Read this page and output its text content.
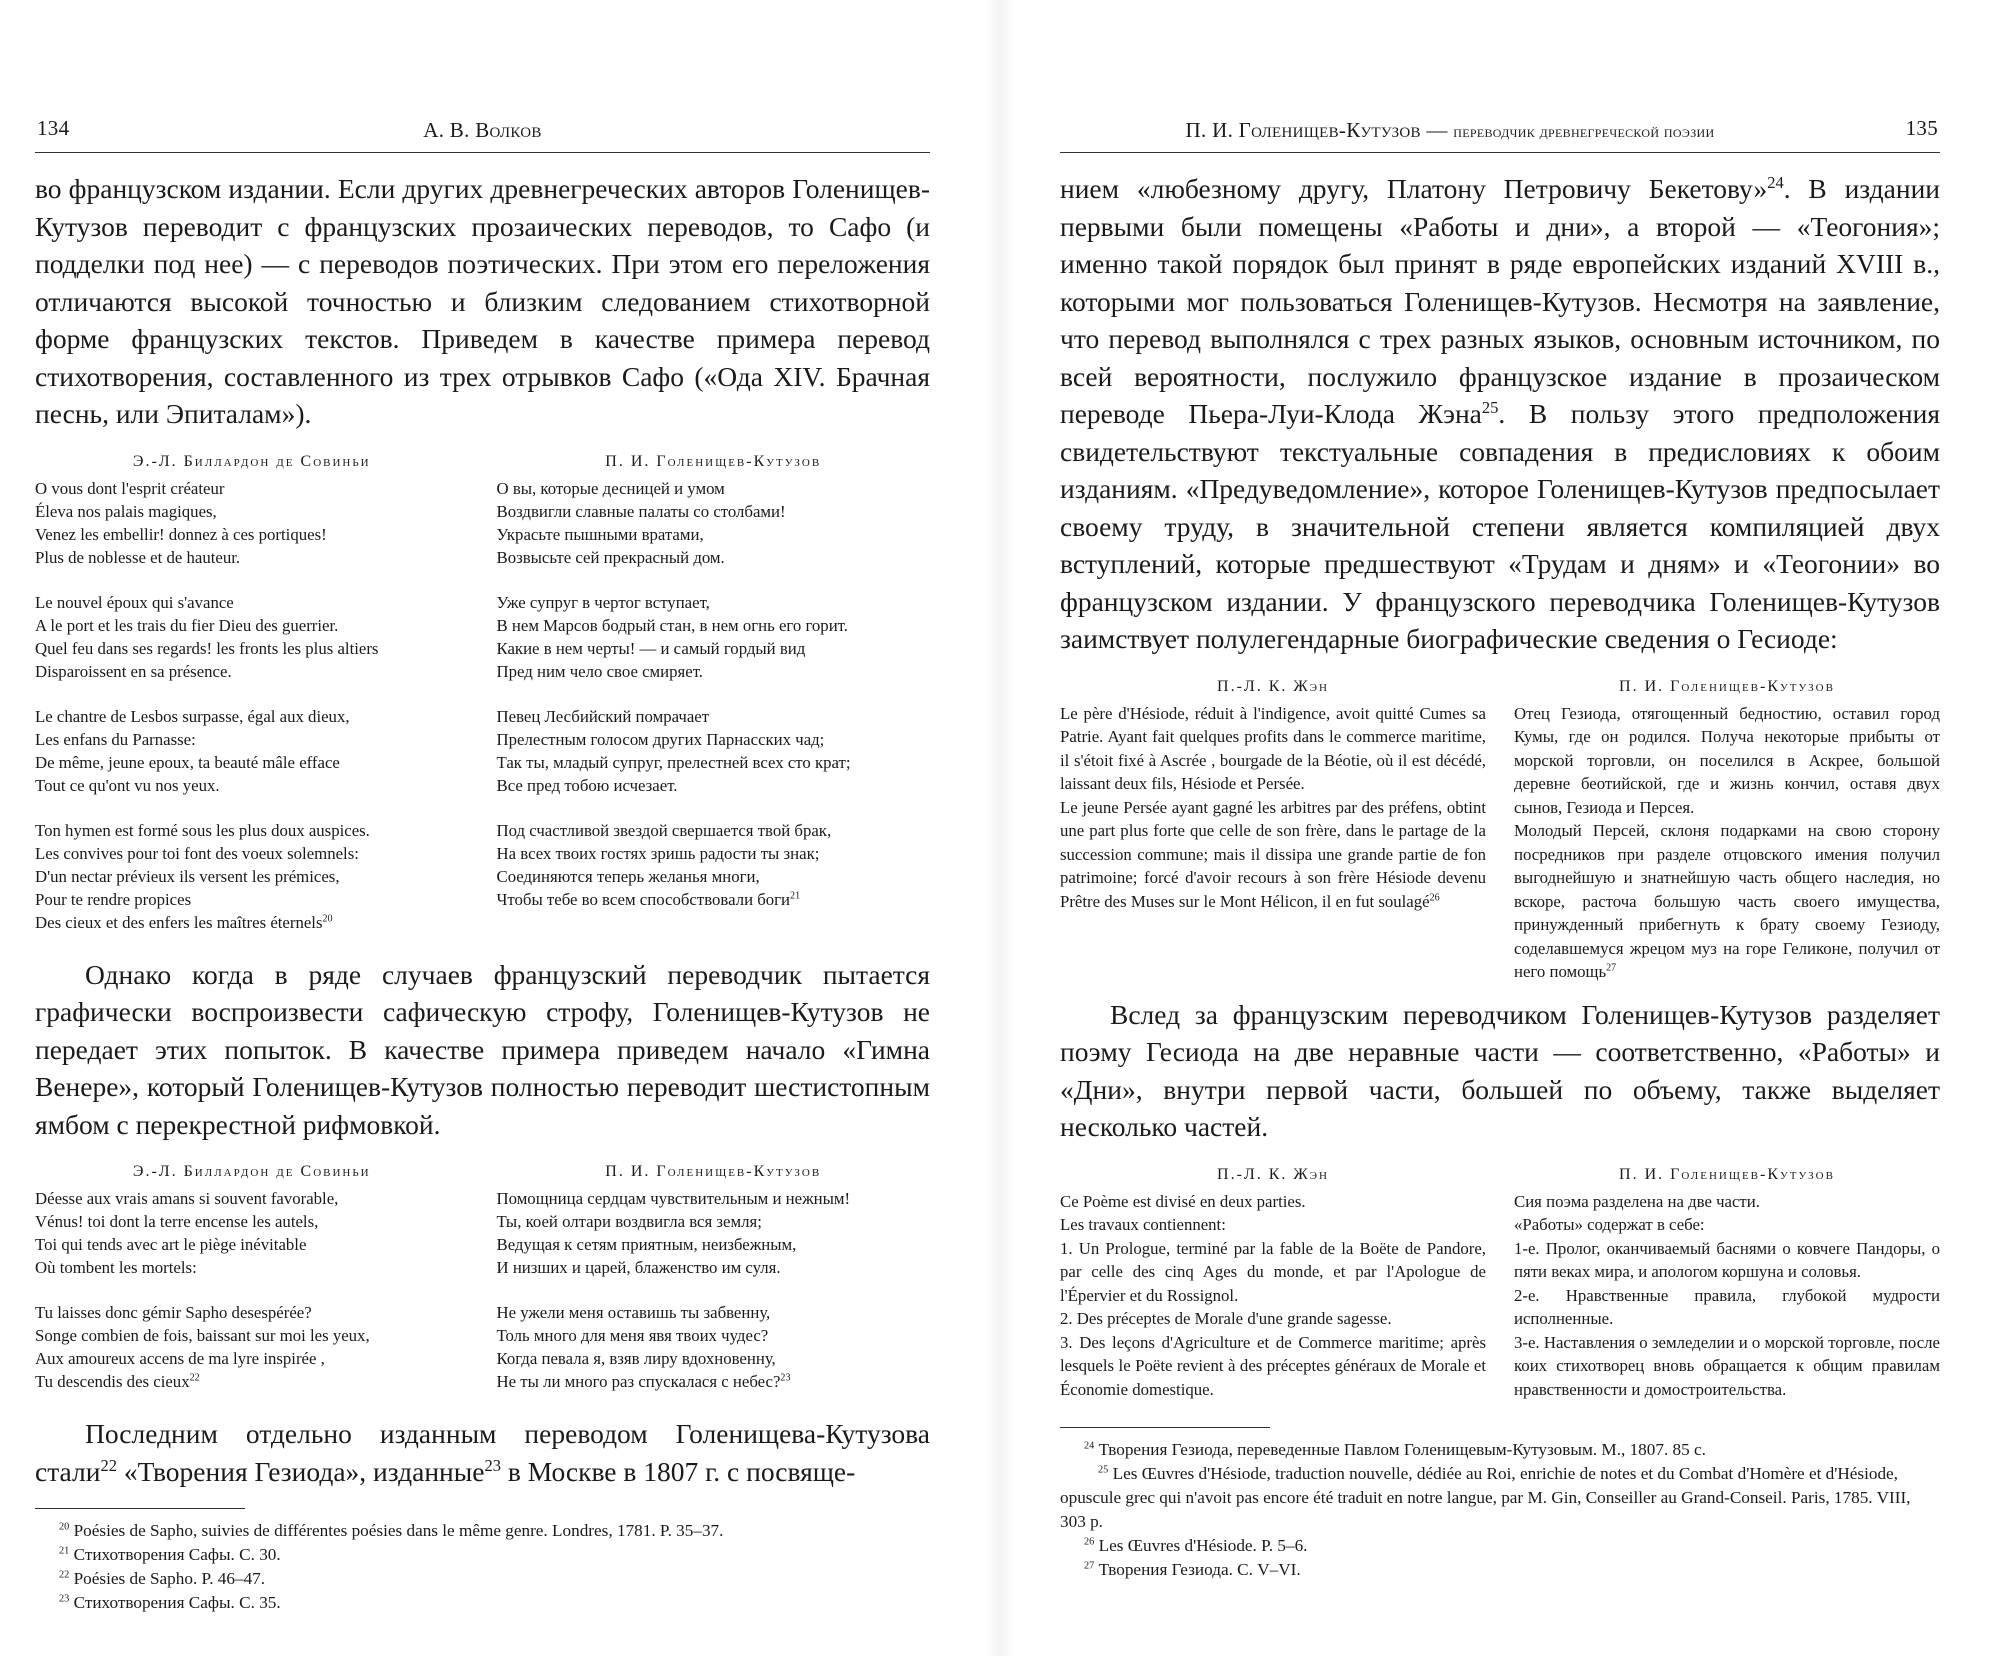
134	А. В. Волков

во французском издании. Если других древнегреческих авторов Голенищев-Кутузов переводит с французских прозаических переводов, то Сафо (и подделки под нее) — с переводов поэтических. При этом его переложения отличаются высокой точностью и близким следованием стихотворной форме французских текстов. Приведем в качестве примера перевод стихотворения, составленного из трех отрывков Сафо («Ода XIV. Брачная песнь, или Эпиталам»).

Э.-Л. Биллардон де Совиньи
O vous dont l'esprit créateur
Éleva nos palais magiques,
Venez les embellir! donnez à ces portiques!
Plus de noblesse et de hauteur.
Le nouvel époux qui s'avance
A le port et les trais du fier Dieu des guerrier.
Quel feu dans ses regards! les fronts les plus altiers
Disparoissent en sa présence.
Le chantre de Lesbos surpasse, égal aux dieux,
Les enfans du Parnasse:
De même, jeune epoux, ta beauté mâle efface
Tout ce qu'ont vu nos yeux.
Ton hymen est formé sous les plus doux auspices.
Les convives pour toi font des voeux solemnels:
D'un nectar prévieux ils versent les prémices,
Pour te rendre propices
Des cieux et des enfers les maîtres éternels$^{20}$
П. И. Голенищев-Кутузов
О вы, которые десницей и умом
Воздвигли славные палаты со столбами!
Украсьте пышными вратами,
Возвысьте сей прекрасный дом.
Уже супруг в чертог вступает,
В нем Марсов бодрый стан, в нем огнь его горит.
Какие в нем черты! — и самый гордый вид
Пред ним чело свое смиряет.
Певец Лесбийский помрачает
Прелестным голосом других Парнасских чад;
Так ты, младый супруг, прелестней всех сто крат;
Все пред тобою исчезает.
Под счастливой звездой свершается твой брак,
На всех твоих гостях зришь радости ты знак;
Соединяются теперь желанья многи,
Чтобы тебе во всем способствовали боги$^{21}$

Однако когда в ряде случаев французский переводчик пытается графически воспроизвести сафическую строфу, Голенищев-Кутузов не передает этих попыток. В качестве примера приведем начало «Гимна Венере», который Голенищев-Кутузов полностью переводит шестистопным ямбом с перекрестной рифмовкой.

Э.-Л. Биллардон де Совиньи
Déesse aux vrais amans si souvent favorable,
Vénus! toi dont la terre encense les autels,
Toi qui tends avec art le piège inévitable
Où tombent les mortels:
Tu laisses donc gémir Sapho desespérée?
Songe combien de fois, baissant sur moi les yeux,
Aux amoureux accens de ma lyre inspirée ,
Tu descendis des cieux$^{22}$
П. И. Голенищев-Кутузов
Помощница сердцам чувствительным и нежным!
Ты, коей олтари воздвигла вся земля;
Ведущая к сетям приятным, неизбежным,
И низших и царей, блаженство им суля.
Не ужели меня оставишь ты забвенну,
Толь много для меня явя твоих чудес?
Когда певала я, взяв лиру вдохновенну,
Не ты ли много раз спускалася с небес?$^{23}$

Последним отдельно изданным переводом Голенищева-Кутузова стали$^{22}$ «Творения Гезиода», изданные$^{23}$ в Москве в 1807 г. с посвяще-

$^{20}$ Poésies de Sapho, suivies de différentes poésies dans le même genre. Londres, 1781. P. 35–37.
$^{21}$ Стихотворения Сафы. С. 30.
$^{22}$ Poésies de Sapho. P. 46–47.
$^{23}$ Стихотворения Сафы. С. 35.
П. И. Голенищев-Кутузов — переводчик древнегреческой поэзии	135

нием «любезному другу, Платону Петровичу Бекетову»$^{24}$. В издании первыми были помещены «Работы и дни», а второй — «Теогония»; именно такой порядок был принят в ряде европейских изданий XVIII в., которыми мог пользоваться Голенищев-Кутузов. Несмотря на заявление, что перевод выполнялся с трех разных языков, основным источником, по всей вероятности, послужило французское издание в прозаическом переводе Пьера-Луи-Клода Жэна$^{25}$. В пользу этого предположения свидетельствуют текстуальные совпадения в предисловиях к обоим изданиям. «Предуведомление», которое Голенищев-Кутузов предпосылает своему труду, в значительной степени является компиляцией двух вступлений, которые предшествуют «Трудам и дням» и «Теогонии» во французском издании. У французского переводчика Голенищев-Кутузов заимствует полулегендарные биографические сведения о Гесиоде:

П.-Л. К. Жэн
Le père d'Hésiode, réduit à l'indigence, avoit quitté Cumes sa Patrie. Ayant fait quelques profits dans le commerce maritime, il s'étoit fixé à Ascrée , bourgade de la Béotie, où il est décédé, laissant deux fils, Hésiode et Persée.
Le jeune Persée ayant gagné les arbitres par des préfens, obtint une part plus forte que celle de son frère, dans le partage de la succession commune; mais il dissipa une grande partie de fon patrimoine; forcé d'avoir recours à son frère Hésiode devenu Prêtre des Muses sur le Mont Hélicon, il en fut soulagé$^{26}$
П. И. Голенищев-Кутузов
Отец Гезиода, отягощенный бедностию, оставил город Кумы, где он родился. Получа некоторые прибыты от морской торговли, он поселился в Аскрее, большой деревне беотийской, где и жизнь кончил, оставя двух сынов, Гезиода и Персея.
Молодый Персей, склоня подарками на свою сторону посредников при разделе отцовского имения получил выгоднейшую и знатнейшую часть общего наследия, но вскоре, расточа большую часть своего имущества, принужденный прибегнуть к брату своему Гезиоду, соделавшемуся жрецом муз на горе Геликоне, получил от него помощь$^{27}$

Вслед за французским переводчиком Голенищев-Кутузов разделяет поэму Гесиода на две неравные части — соответственно, «Работы» и «Дни», внутри первой части, большей по объему, также выделяет несколько частей.

П.-Л. К. Жэн
Ce Poème est divisé en deux parties.
Les travaux contiennent:
1. Un Prologue, terminé par la fable de la Boëte de Pandore, par celle des cinq Ages du monde, et par l'Apologue de l'Épervier et du Rossignol.
2. Des préceptes de Morale d'une grande sagesse.
3. Des leçons d'Agriculture et de Commerce maritime; après lesquels le Poëte revient à des préceptes généraux de Morale et Économie domestique.
П. И. Голенищев-Кутузов
Сия поэма разделена на две части.
«Работы» содержат в себе:
1-е. Пролог, оканчиваемый баснями о ковчеге Пандоры, о пяти веках мира, и апологом коршуна и соловья.
2-е. Нравственные правила, глубокой мудрости исполненные.
3-е. Наставления о земледелии и о морской торговле, после коих стихотворец вновь обращается к общим правилам нравственности и домостроительства.
$^{24}$ Творения Гезиода, переведенные Павлом Голенищевым-Кутузовым. М., 1807. 85 с.
$^{25}$ Les Œuvres d'Hésiode, traduction nouvelle, dédiée au Roi, enrichie de notes et du Combat d'Homère et d'Hésiode, opuscule grec qui n'avoit pas encore été traduit en notre langue, par M. Gin, Conseiller au Grand-Conseil. Paris, 1785. VIII, 303 p.
$^{26}$ Les Œuvres d'Hésiode. P. 5–6.
$^{27}$ Творения Гезиода. С. V–VI.
